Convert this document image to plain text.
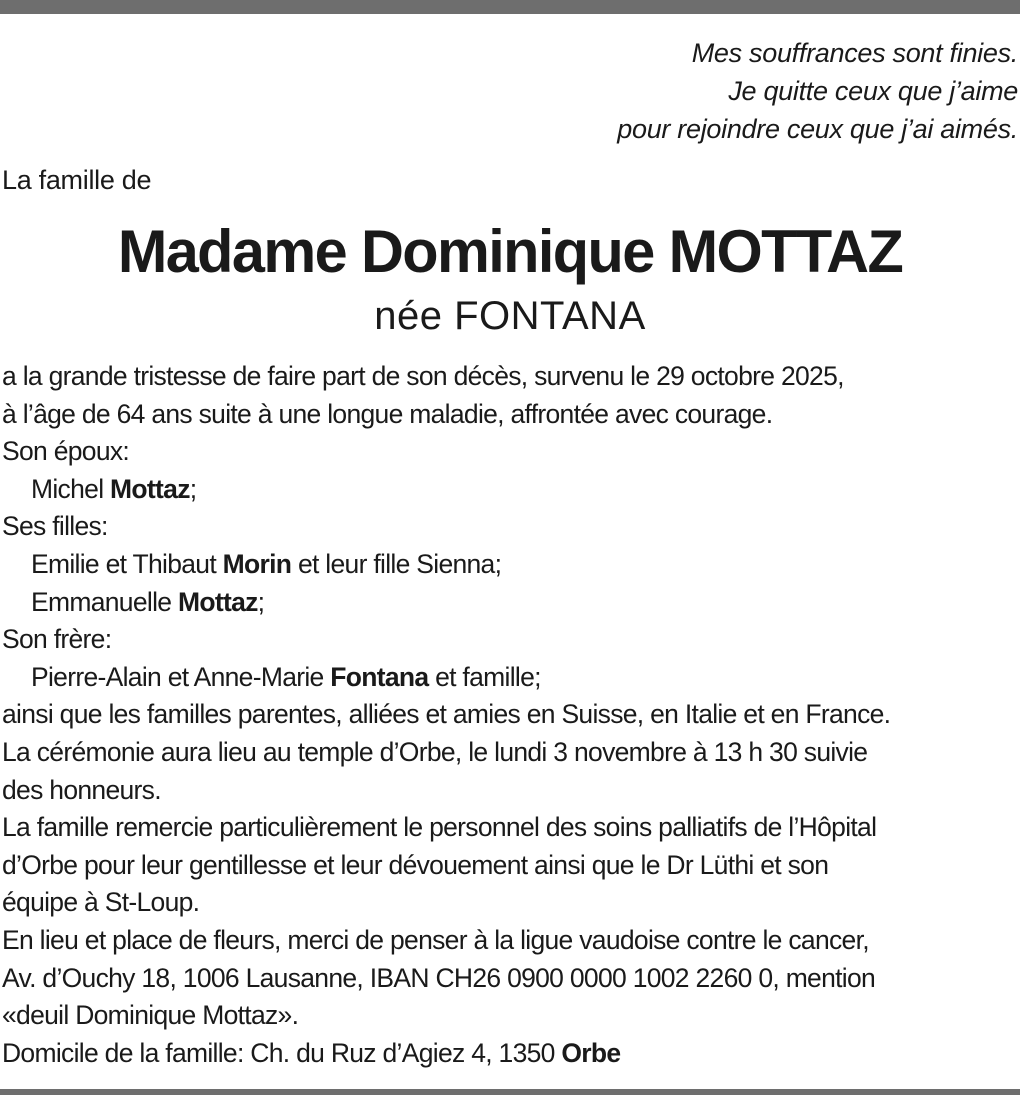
Mes souffrances sont finies.
Je quitte ceux que j’aime
pour rejoindre ceux que j’ai aimés.
La famille de
Madame Dominique MOTTAZ
née FONTANA
a la grande tristesse de faire part de son décès, survenu le 29 octobre 2025,
à l’âge de 64 ans suite à une longue maladie, affrontée avec courage.
Son époux:
Michel Mottaz;
Ses filles:
Emilie et Thibaut Morin et leur fille Sienna;
Emmanuelle Mottaz;
Son frère:
Pierre-Alain et Anne-Marie Fontana et famille;
ainsi que les familles parentes, alliées et amies en Suisse, en Italie et en France.
La cérémonie aura lieu au temple d’Orbe, le lundi 3 novembre à 13 h 30 suivie
des honneurs.
La famille remercie particulièrement le personnel des soins palliatifs de l’Hôpital
d’Orbe pour leur gentillesse et leur dévouement ainsi que le Dr Lüthi et son
équipe à St-Loup.
En lieu et place de fleurs, merci de penser à la ligue vaudoise contre le cancer,
Av. d’Ouchy 18, 1006 Lausanne, IBAN CH26 0900 0000 1002 2260 0, mention
«deuil Dominique Mottaz».
Domicile de la famille: Ch. du Ruz d’Agiez 4, 1350 Orbe
